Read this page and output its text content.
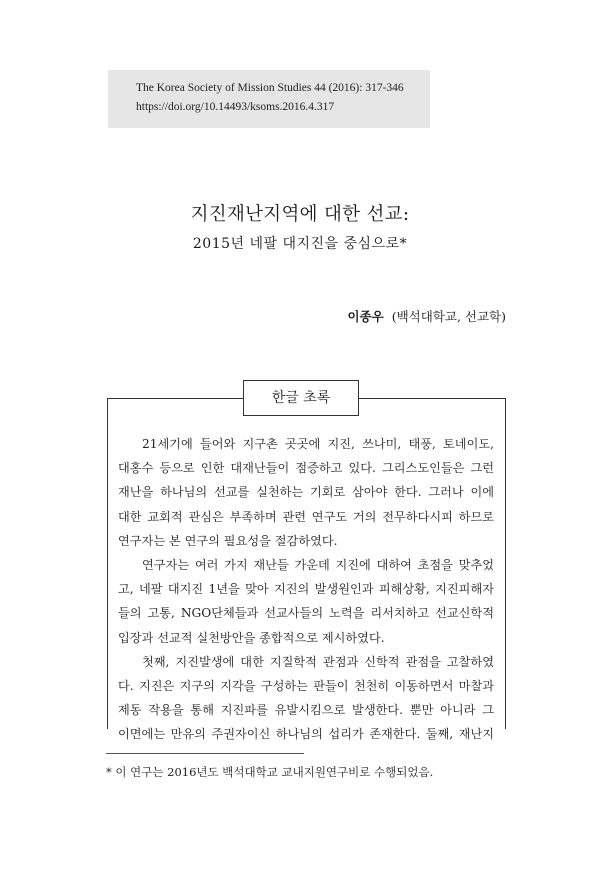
The Korea Society of Mission Studies 44 (2016): 317-346
https://doi.org/10.14493/ksoms.2016.4.317
지진재난지역에 대한 선교:
2015년 네팔 대지진을 중심으로*
이종우 (백석대학교, 선교학)
한글 초록

21세기에 들어와 지구촌 곳곳에 지진, 쓰나미, 태풍, 토네이도,

대홍수 등으로 인한 대재난들이 점증하고 있다. 그리스도인들은 그런

재난을 하나님의 선교를 실천하는 기회로 삼아야 한다. 그러나 이에

대한 교회적 관심은 부족하며 관련 연구도 거의 전무하다시피 하므로

연구자는 본 연구의 필요성을 절감하였다.

연구자는 여러 가지 재난들 가운데 지진에 대하여 초점을 맞추었

고, 네팔 대지진 1년을 맞아 지진의 발생원인과 피해상황, 지진피해자

들의 고통, NGO단체들과 선교사들의 노력을 리서치하고 선교신학적

입장과 선교적 실천방안을 종합적으로 제시하였다.

첫째, 지진발생에 대한 지질학적 관점과 신학적 관점을 고찰하였

다. 지진은 지구의 지각을 구성하는 판들이 천천히 이동하면서 마찰과

제동 작용을 통해 지진파를 유발시킴으로 발생한다. 뿐만 아니라 그

이면에는 만유의 주권자이신 하나님의 섭리가 존재한다. 둘째, 재난지

* 이 연구는 2016년도 백석대학교 교내지원연구비로 수행되었음.
